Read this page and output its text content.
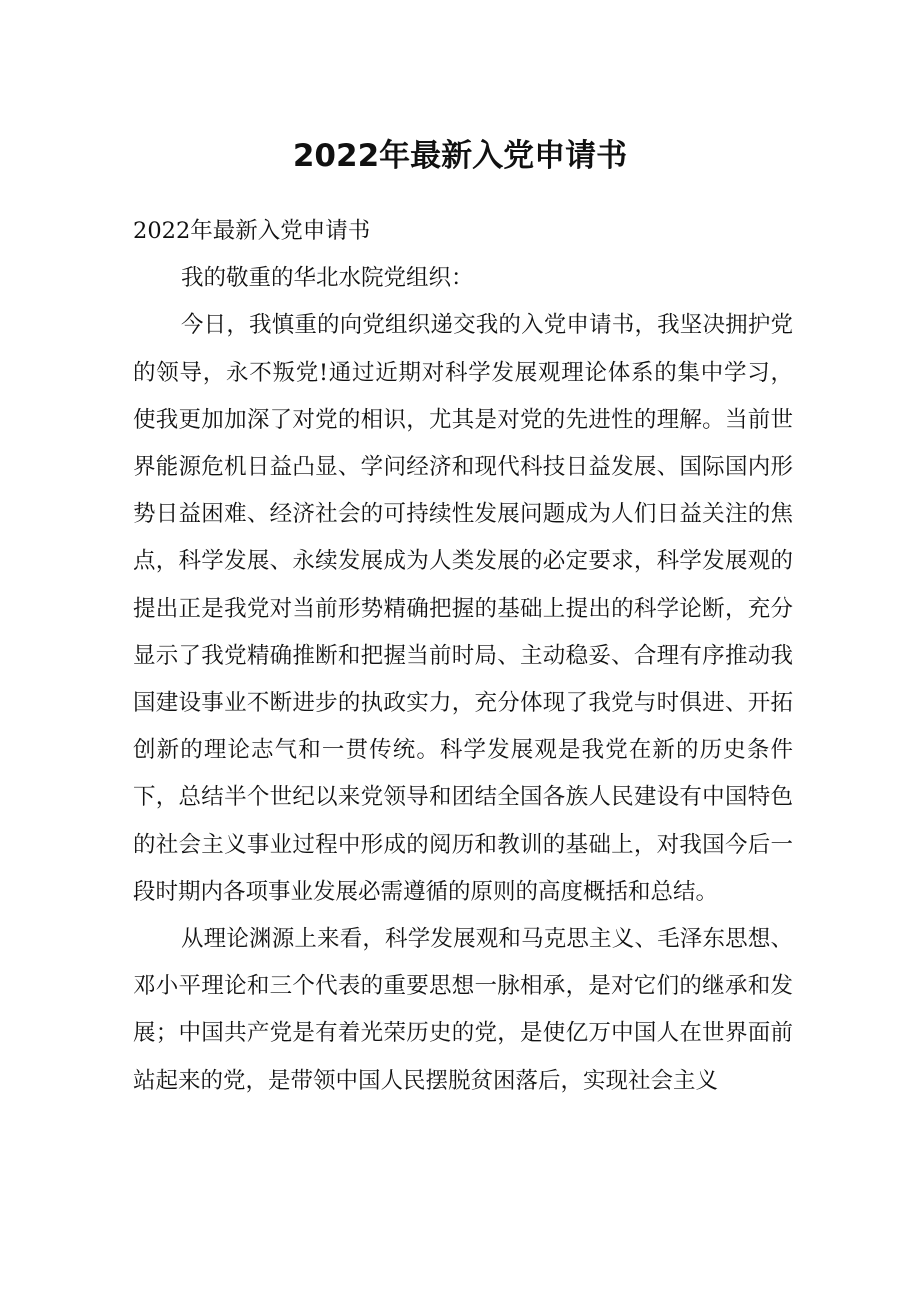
2022年最新入党申请书

2022年最新入党申请书

我的敬重的华北水院党组织：

今日，我慎重的向党组织递交我的入党申请书，我坚决拥护党的领导，永不叛党!通过近期对科学发展观理论体系的集中学习，使我更加加深了对党的相识，尤其是对党的先进性的理解。当前世界能源危机日益凸显、学问经济和现代科技日益发展、国际国内形势日益困难、经济社会的可持续性发展问题成为人们日益关注的焦点，科学发展、永续发展成为人类发展的必定要求，科学发展观的提出正是我党对当前形势精确把握的基础上提出的科学论断，充分显示了我党精确推断和把握当前时局、主动稳妥、合理有序推动我国建设事业不断进步的执政实力，充分体现了我党与时俱进、开拓创新的理论志气和一贯传统。科学发展观是我党在新的历史条件下，总结半个世纪以来党领导和团结全国各族人民建设有中国特色的社会主义事业过程中形成的阅历和教训的基础上，对我国今后一段时期内各项事业发展必需遵循的原则的高度概括和总结。

从理论渊源上来看，科学发展观和马克思主义、毛泽东思想、邓小平理论和三个代表的重要思想一脉相承，是对它们的继承和发展；中国共产党是有着光荣历史的党，是使亿万中国人在世界面前站起来的党，是带领中国人民摆脱贫困落后，实现社会主义
